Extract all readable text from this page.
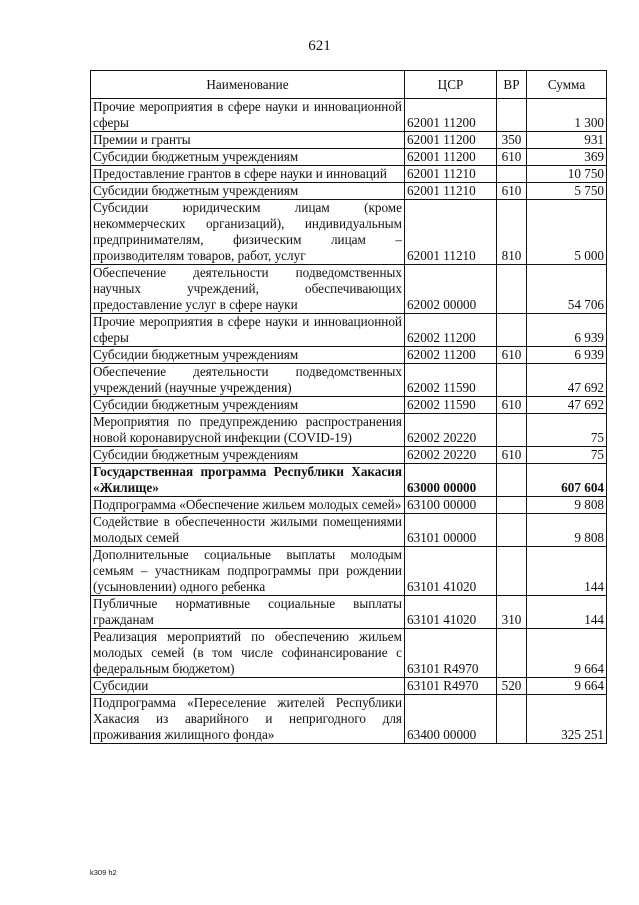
621
Наименование	ЦСР	ВР	Сумма
Прочие мероприятия в сфере науки и инновационной сферы	62001 11200		1 300
Премии и гранты	62001 11200	350	931
Субсидии бюджетным учреждениям	62001 11200	610	369
Предоставление грантов в сфере науки и инноваций	62001 11210		10 750
Субсидии бюджетным учреждениям	62001 11210	610	5 750
Субсидии юридическим лицам (кроме некоммерческих организаций), индивидуальным предпринимателям, физическим лицам – производителям товаров, работ, услуг	62001 11210	810	5 000
Обеспечение деятельности подведомственных научных учреждений, обеспечивающих предоставление услуг в сфере науки	62002 00000		54 706
Прочие мероприятия в сфере науки и инновационной сферы	62002 11200		6 939
Субсидии бюджетным учреждениям	62002 11200	610	6 939
Обеспечение деятельности подведомственных учреждений (научные учреждения)	62002 11590		47 692
Субсидии бюджетным учреждениям	62002 11590	610	47 692
Мероприятия по предупреждению распространения новой коронавирусной инфекции (COVID-19)	62002 20220		75
Субсидии бюджетным учреждениям	62002 20220	610	75
Государственная программа Республики Хакасия «Жилище»	63000 00000		607 604
Подпрограмма «Обеспечение жильем молодых семей»	63100 00000		9 808
Содействие в обеспеченности жилыми помещениями молодых семей	63101 00000		9 808
Дополнительные социальные выплаты молодым семьям – участникам подпрограммы при рождении (усыновлении) одного ребенка	63101 41020		144
Публичные нормативные социальные выплаты гражданам	63101 41020	310	144
Реализация мероприятий по обеспечению жильем молодых семей (в том числе софинансирование с федеральным бюджетом)	63101 R4970		9 664
Субсидии	63101 R4970	520	9 664
Подпрограмма «Переселение жителей Республики Хакасия из аварийного и непригодного для проживания жилищного фонда»	63400 00000		325 251
k309 h2
